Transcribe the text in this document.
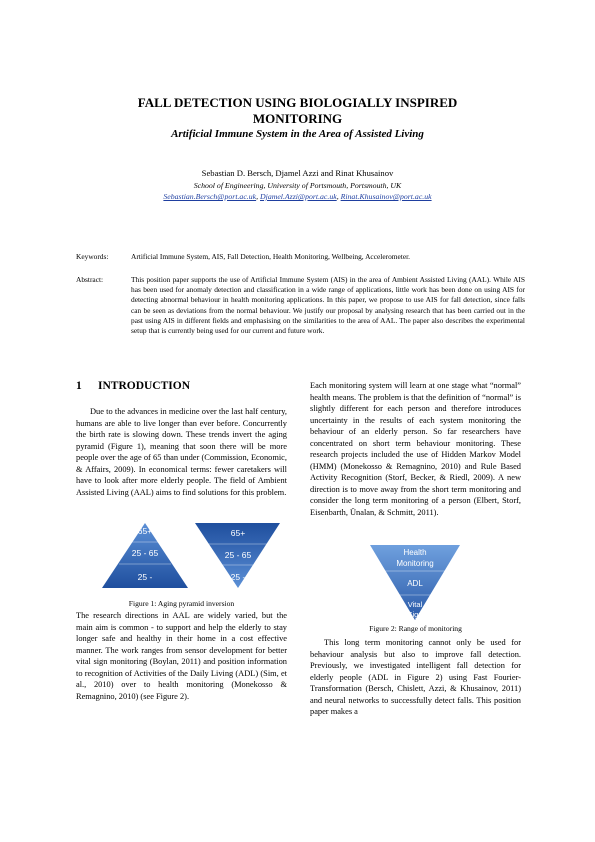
FALL DETECTION USING BIOLOGIALLY INSPIRED
MONITORING
Artificial Immune System in the Area of Assisted Living
Sebastian D. Bersch, Djamel Azzi and Rinat Khusainov
School of Engineering, University of Portsmouth, Portsmouth, UK
Sebastian.Bersch@port.ac.uk, Djamel.Azzi@port.ac.uk, Rinat.Khusainov@port.ac.uk
Keywords:	Artificial Immune System, AIS, Fall Detection, Health Monitoring, Wellbeing, Accelerometer.
Abstract:	This position paper supports the use of Artificial Immune System (AIS) in the area of Ambient Assisted Living (AAL). While AIS has been used for anomaly detection and classification in a wide range of applications, little work has been done on using AIS for detecting abnormal behaviour in health monitoring applications. In this paper, we propose to use AIS for fall detection, since falls can be seen as deviations from the normal behaviour. We justify our proposal by analysing research that has been carried out in the past using AIS in different fields and emphasising on the similarities to the area of AAL. The paper also describes the experimental setup that is currently being used for our current and future work.
1 INTRODUCTION

Due to the advances in medicine over the last half century, humans are able to live longer than ever before. Concurrently the birth rate is slowing down. These trends invert the aging pyramid (Figure 1), meaning that soon there will be more people over the age of 65 than under (Commission, Economic, & Affairs, 2009). In economical terms: fewer caretakers will have to look after more elderly people. The field of Ambient Assisted Living (AAL) aims to find solutions for this problem.

65+
25 - 65
25 -
65+
25 - 65
25 -
Figure 1: Aging pyramid inversion

The research directions in AAL are widely varied, but the main aim is common - to support and help the elderly to stay longer safe and healthy in their home in a cost effective manner. The work ranges from sensor development for better vital sign monitoring (Boylan, 2011) and position information to recognition of Activities of the Daily Living (ADL) (Sim, et al., 2010) over to health monitoring (Monekosso & Remagnino, 2010) (see Figure 2).

Each monitoring system will learn at one stage what “normal” health means. The problem is that the definition of “normal” is slightly different for each person and therefore introduces uncertainty in the results of each system monitoring the behaviour of an elderly person. So far researchers have concentrated on short term behaviour monitoring. These research projects included the use of Hidden Markov Model (HMM) (Monekosso & Remagnino, 2010) and Rule Based Activity Recognition (Storf, Becker, & Riedl, 2009). A new direction is to move away from the short term monitoring and consider the long term monitoring of a person (Elbert, Storf, Eisenbarth, Ünalan, & Schmitt, 2011).

Health
Monitoring
ADL
Vital
Sign
Figure 2: Range of monitoring

This long term monitoring cannot only be used for behaviour analysis but also to improve fall detection. Previously, we investigated intelligent fall detection for elderly people (ADL in Figure 2) using Fast Fourier-Transformation (Bersch, Chislett, Azzi, & Khusainov, 2011) and neural networks to successfully detect falls. This position paper makes a
